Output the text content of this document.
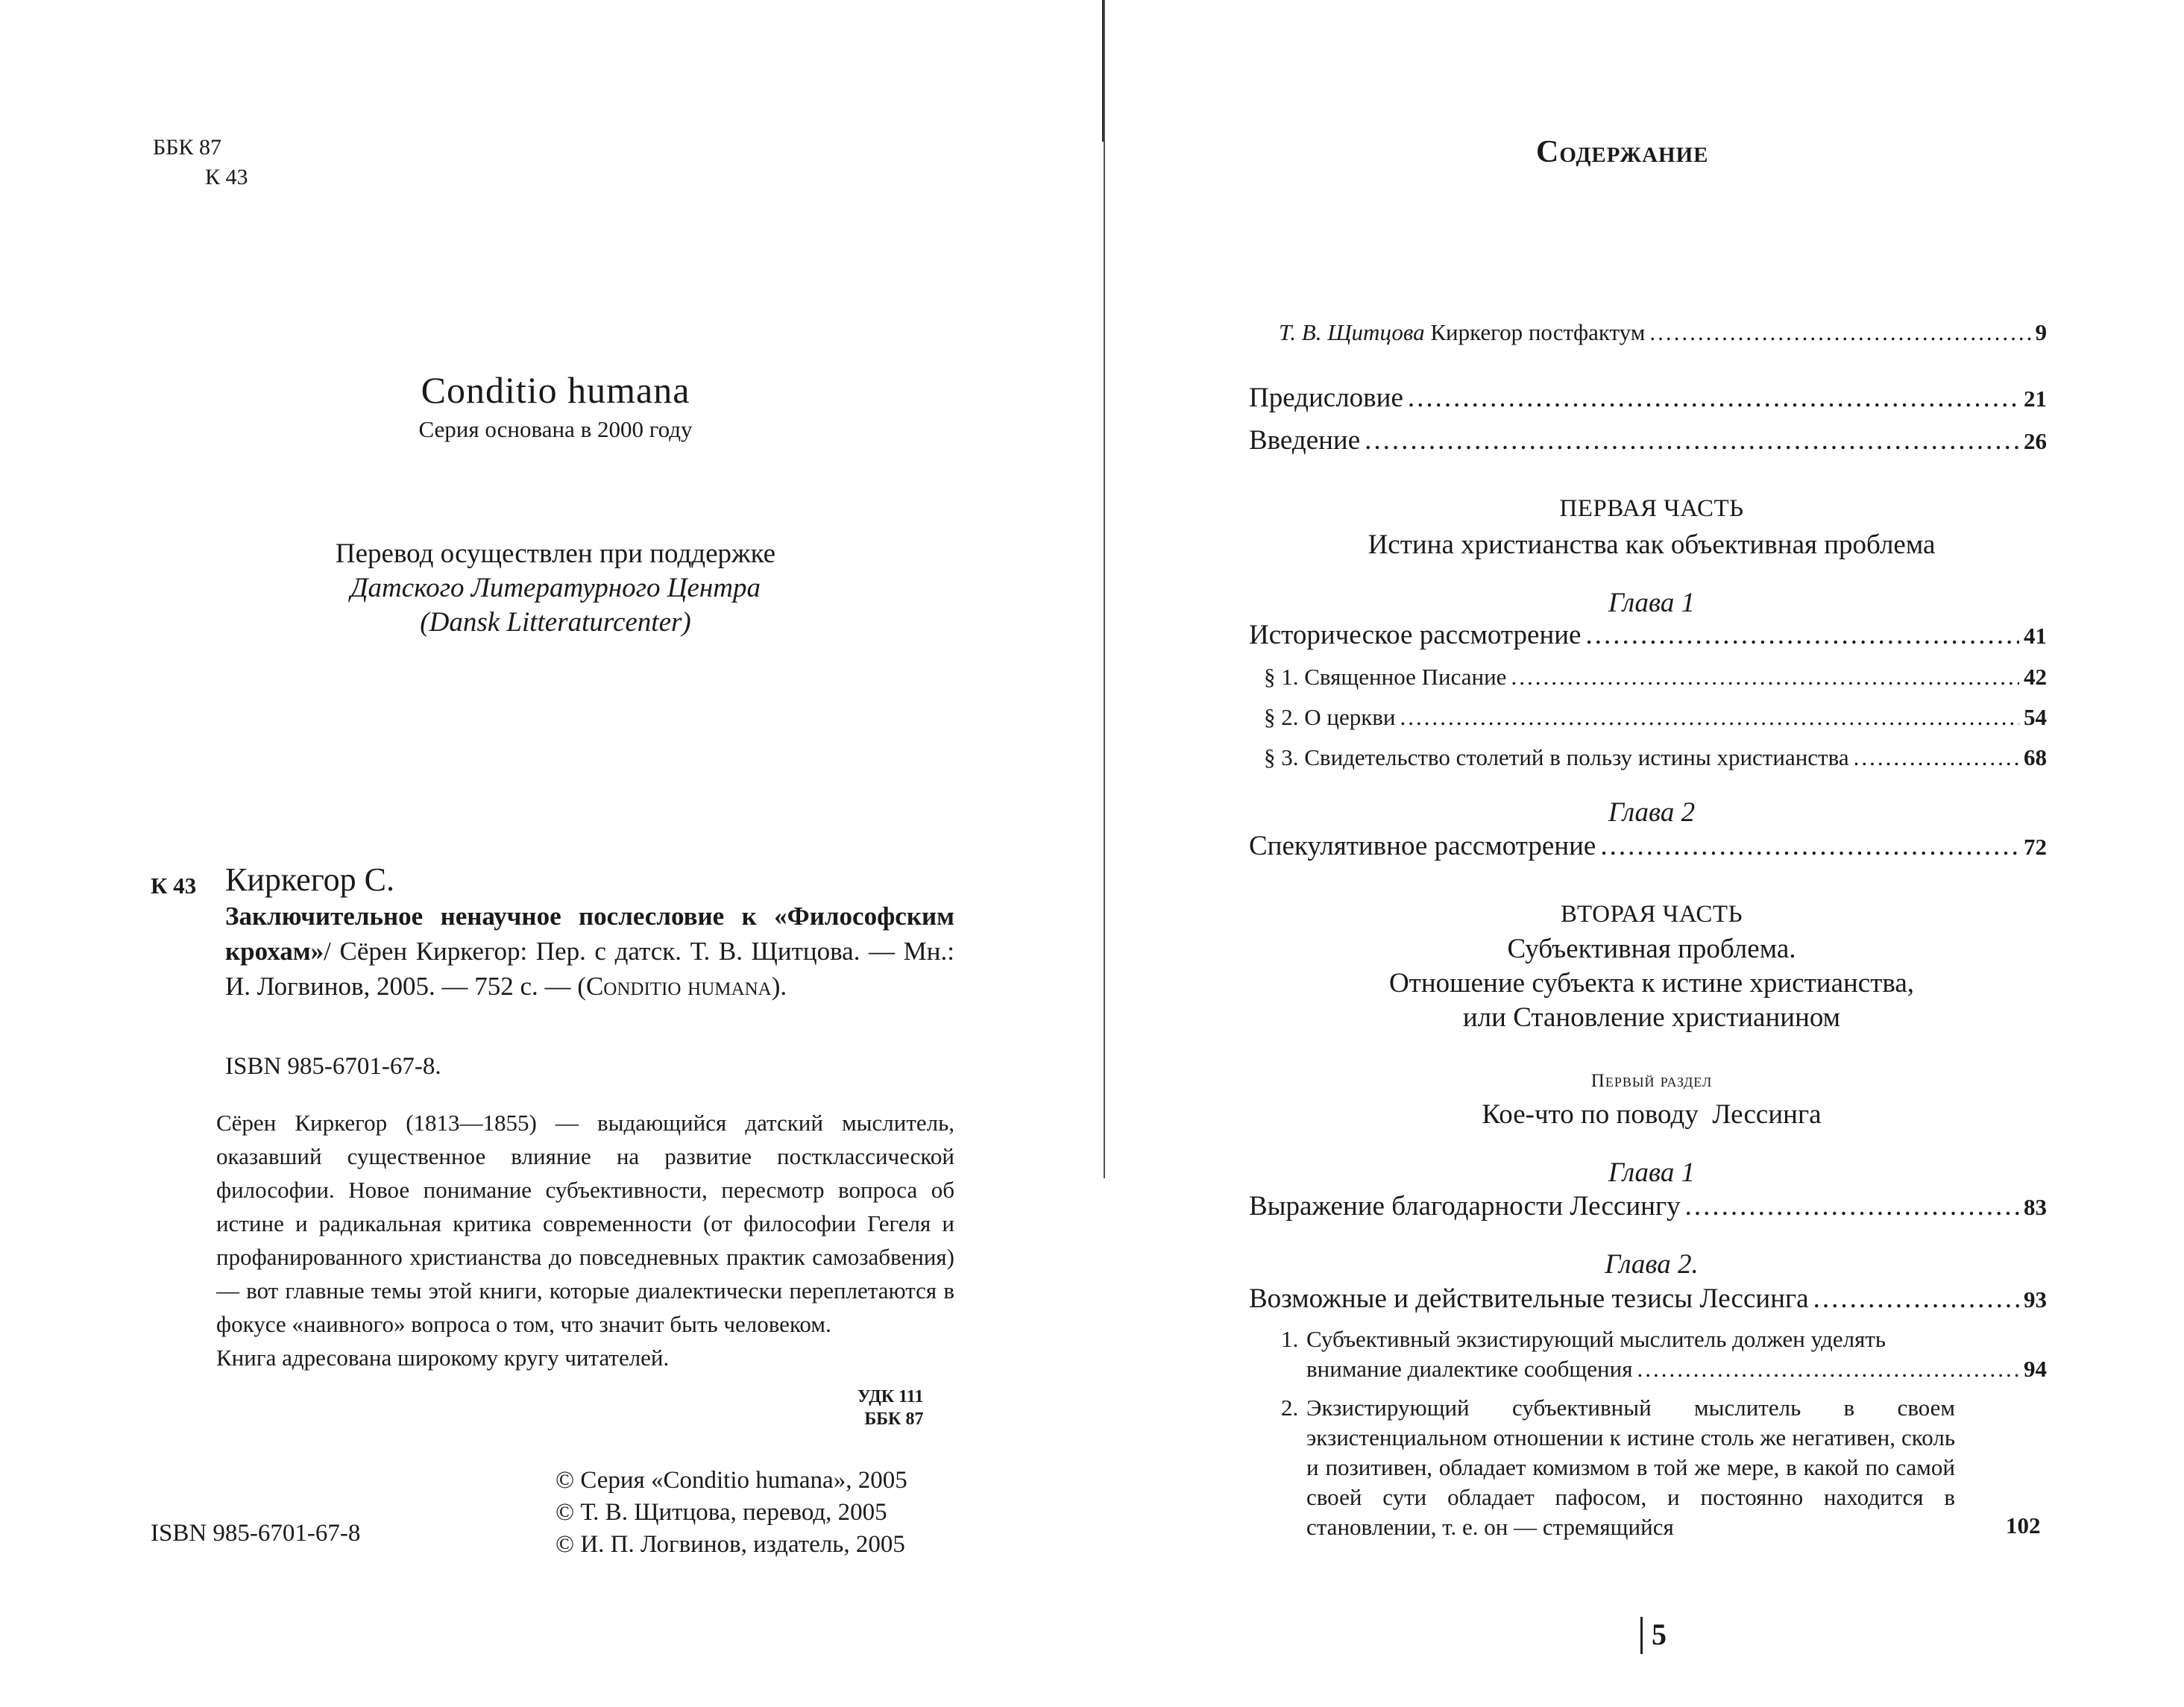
ББК 87
К 43
Conditio humana
Серия основана в 2000 году
Перевод осуществлен при поддержке
Датского Литературного Центра
(Dansk Litteraturcenter)
К 43 Киркегор С.
Заключительное ненаучное послесловие к «Философским крохам»/ Сёрен Киркегор: Пер. с датск. Т. В. Щитцова. — Мн.: И. Логвинов, 2005. — 752 с. — (Conditio humana).
ISBN 985-6701-67-8.
Сёрен Киркегор (1813—1855) — выдающийся датский мыслитель, оказавший существенное влияние на развитие постклассической философии. Новое понимание субъективности, пересмотр вопроса об истине и радикальная критика современности (от философии Гегеля и профанированного христианства до повседневных практик самозабвения) — вот главные темы этой книги, которые диалектически переплетаются в фокусе «наивного» вопроса о том, что значит быть человеком.
Книга адресована широкому кругу читателей.
УДК 111
ББК 87
© Серия «Conditio humana», 2005
© Т. В. Щитцова, перевод, 2005
© И. П. Логвинов, издатель, 2005
ISBN 985-6701-67-8
Содержание
Т. В. Щитцова Киркегор постфактум .....	9
Предисловие .....	21
Введение .....	26
ПЕРВАЯ ЧАСТЬ
Истина христианства как объективная проблема
Глава 1
Историческое рассмотрение .....	41
§ 1. Священное Писание .....	42
§ 2. О церкви .....	54
§ 3. Свидетельство столетий в пользу истины христианства .....	68
Глава 2
Спекулятивное рассмотрение .....	72
ВТОРАЯ ЧАСТЬ
Субъективная проблема.
Отношение субъекта к истине христианства,
или Становление христианином
Первый раздел
Кое-что по поводу  Лессинга
Глава 1
Выражение благодарности Лессингу .....	83
Глава 2.
Возможные и действительные тезисы Лессинга .....	93
1. Субъективный экзистирующий мыслитель должен уделять
внимание диалектике сообщения .....	94
2. Экзистирующий субъективный мыслитель в своем экзистенциальном отношении к истине столь же негативен, сколь и позитивен, обладает комизмом в той же мере, в какой по самой своей сути обладает пафосом, и постоянно находится в становлении, т. е. он — стремящийся	102
5
